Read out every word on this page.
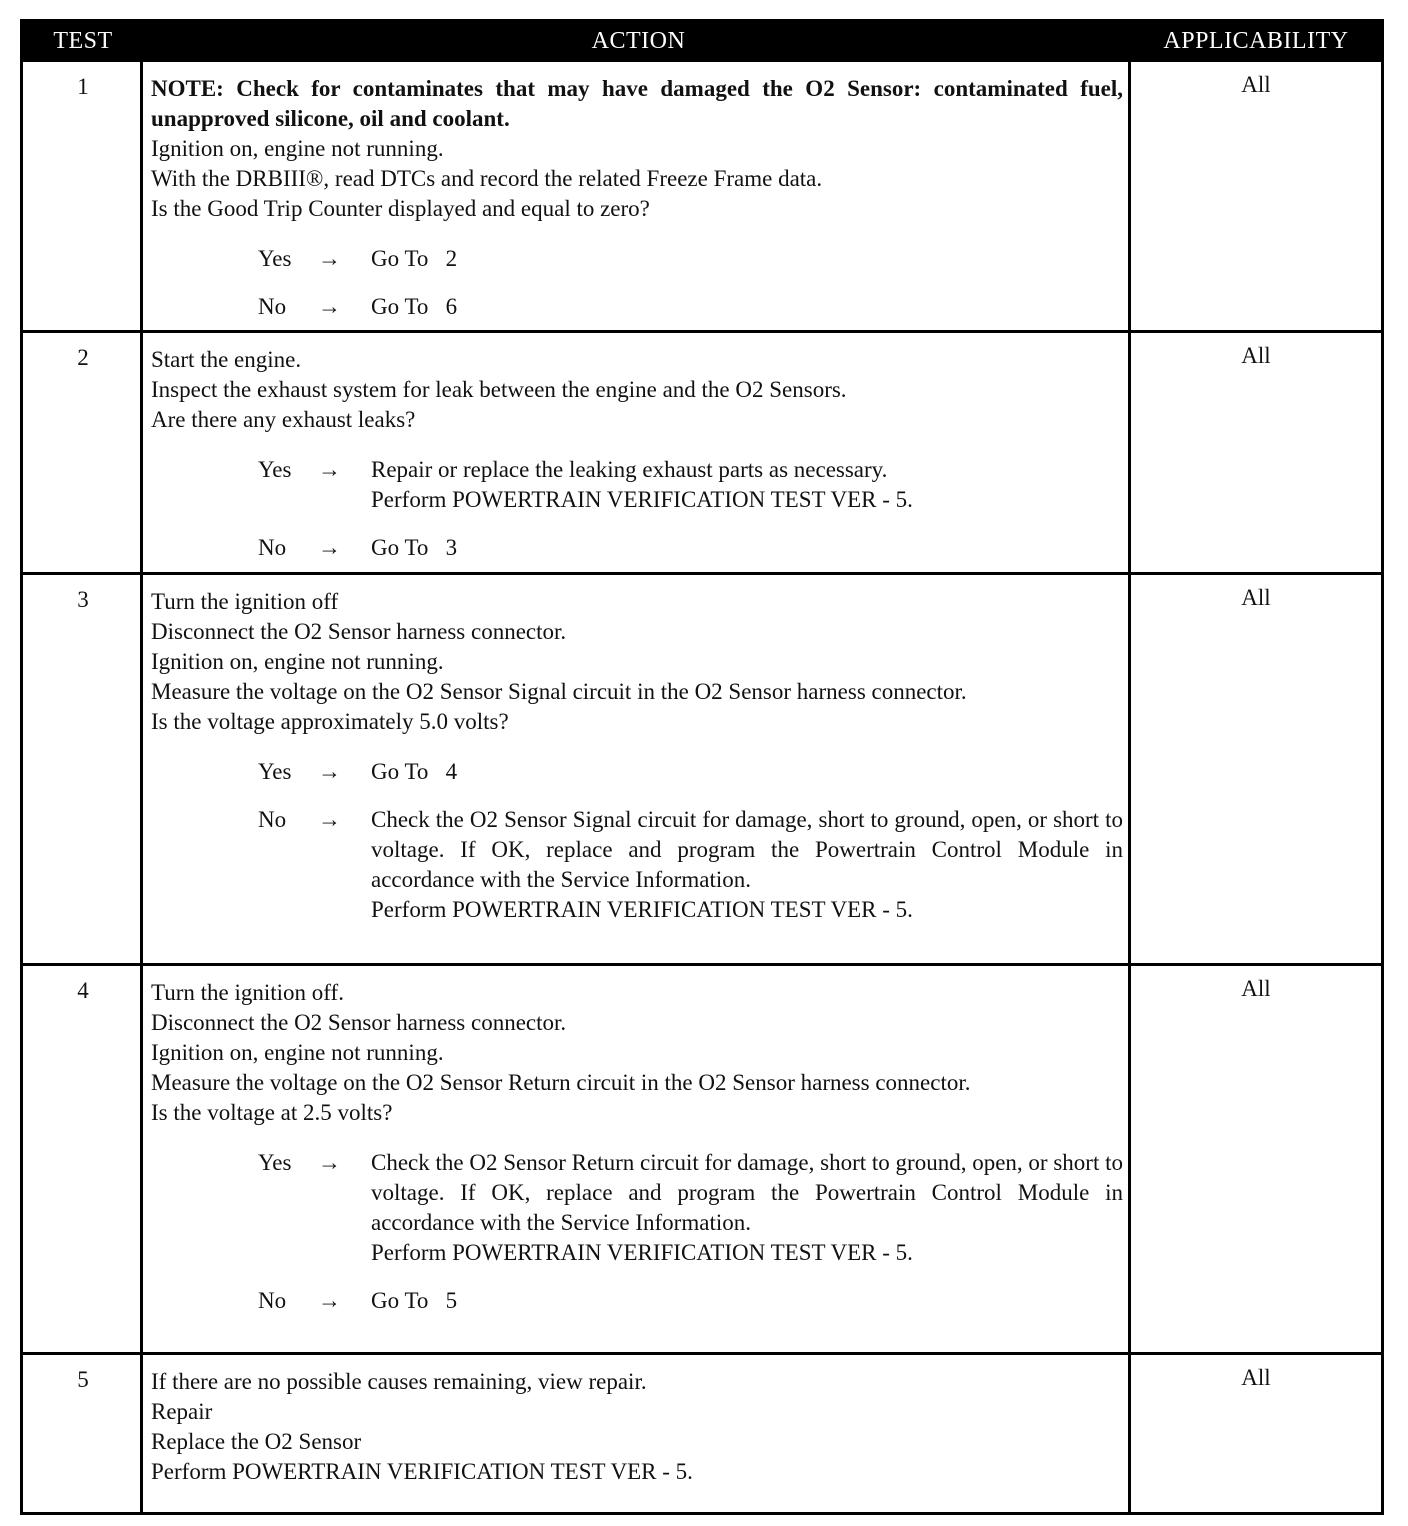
TEST	ACTION	APPLICABILITY
1	NOTE: Check for contaminates that may have damaged the O2 Sensor: contaminated fuel, unapproved silicone, oil and coolant.

Ignition on, engine not running.

With the DRBIII®, read DTCs and record the related Freeze Frame data.

Is the Good Trip Counter displayed and equal to zero?

Yes	→	Go To   2
No	→	Go To   6
All
2	Start the engine.

Inspect the exhaust system for leak between the engine and the O2 Sensors.

Are there any exhaust leaks?

Yes	→	Repair or replace the leaking exhaust parts as necessary.
Perform POWERTRAIN VERIFICATION TEST VER - 5.
No	→	Go To   3
All
3	Turn the ignition off

Disconnect the O2 Sensor harness connector.

Ignition on, engine not running.

Measure the voltage on the O2 Sensor Signal circuit in the O2 Sensor harness connector.

Is the voltage approximately 5.0 volts?

Yes	→	Go To   4
No	→	Check the O2 Sensor Signal circuit for damage, short to ground, open, or short to voltage. If OK, replace and program the Powertrain Control Module in accordance with the Service Information.
Perform POWERTRAIN VERIFICATION TEST VER - 5.
All
4	Turn the ignition off.

Disconnect the O2 Sensor harness connector.

Ignition on, engine not running.

Measure the voltage on the O2 Sensor Return circuit in the O2 Sensor harness connector.

Is the voltage at 2.5 volts?

Yes	→	Check the O2 Sensor Return circuit for damage, short to ground, open, or short to voltage. If OK, replace and program the Powertrain Control Module in accordance with the Service Information.
Perform POWERTRAIN VERIFICATION TEST VER - 5.
No	→	Go To   5
All
5	If there are no possible causes remaining, view repair.

Repair

Replace the O2 Sensor

Perform POWERTRAIN VERIFICATION TEST VER - 5.

All
